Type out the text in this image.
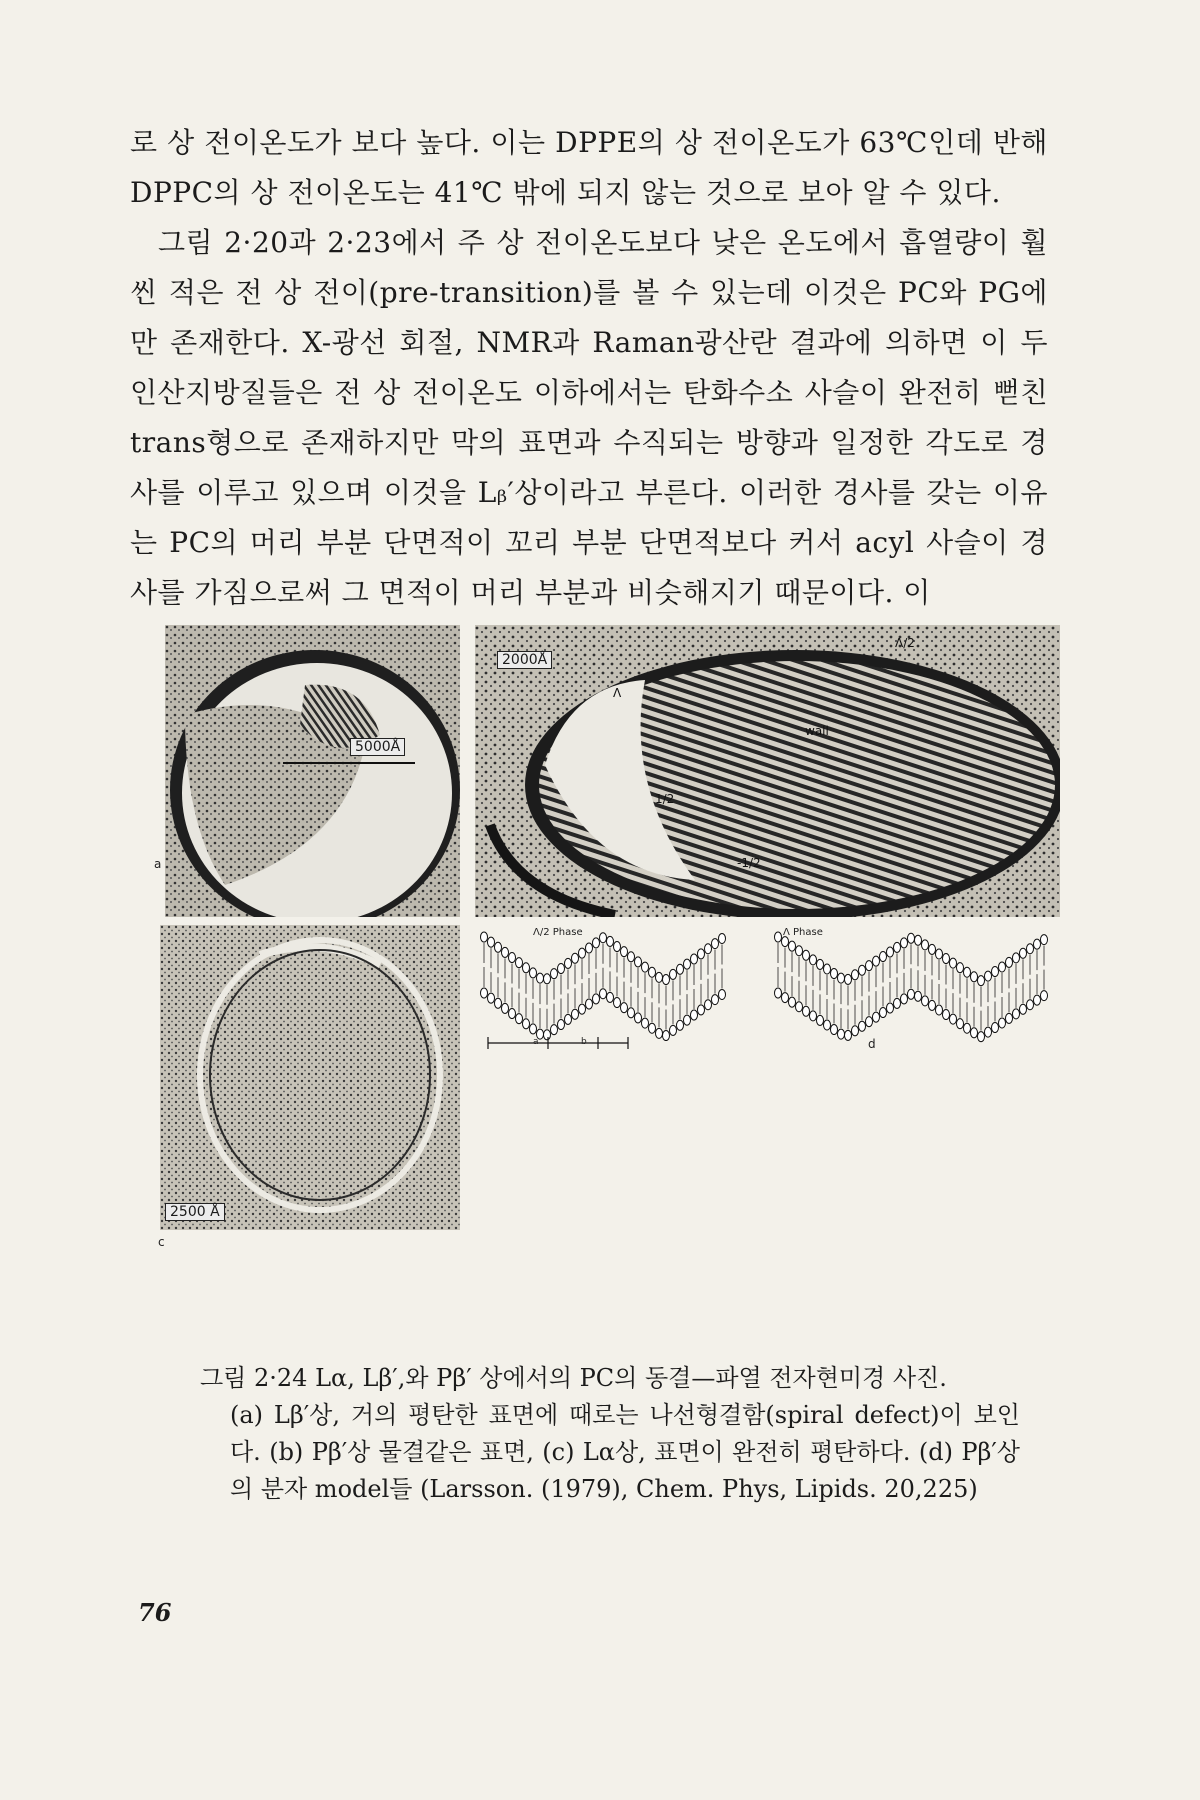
로 상 전이온도가 보다 높다. 이는 DPPE의 상 전이온도가 63℃인데 반해 DPPC의 상 전이온도는 41℃ 밖에 되지 않는 것으로 보아 알 수 있다.

그림 2·20과 2·23에서 주 상 전이온도보다 낮은 온도에서 흡열량이 훨씬 적은 전 상 전이(pre-transition)를 볼 수 있는데 이것은 PC와 PG에만 존재한다. X-광선 회절, NMR과 Raman광산란 결과에 의하면 이 두 인산지방질들은 전 상 전이온도 이하에서는 탄화수소 사슬이 완전히 뻗친 trans형으로 존재하지만 막의 표면과 수직되는 방향과 일정한 각도로 경사를 이루고 있으며 이것을 Lᵦ′상이라고 부른다. 이러한 경사를 갖는 이유는 PC의 머리 부분 단면적이 꼬리 부분 단면적보다 커서 acyl 사슬이 경사를 가짐으로써 그 면적이 머리 부분과 비슷해지기 때문이다. 이

5000Å
a
Λ/2
Λ
wall
1/2
-1/2
2000Å
2500 Å
c
Λ/2 Phase	Λ Phase
a	b	d

그림 2·24 Lα, Lβ′,와 Pβ′ 상에서의 PC의 동결—파열 전자현미경 사진.

(a) Lβ′상, 거의 평탄한 표면에 때로는 나선형결함(spiral defect)이 보인다. (b) Pβ′상 물결같은 표면, (c) Lα상, 표면이 완전히 평탄하다. (d) Pβ′상의 분자 model들 (Larsson. (1979), Chem. Phys, Lipids. 20,225)

76
